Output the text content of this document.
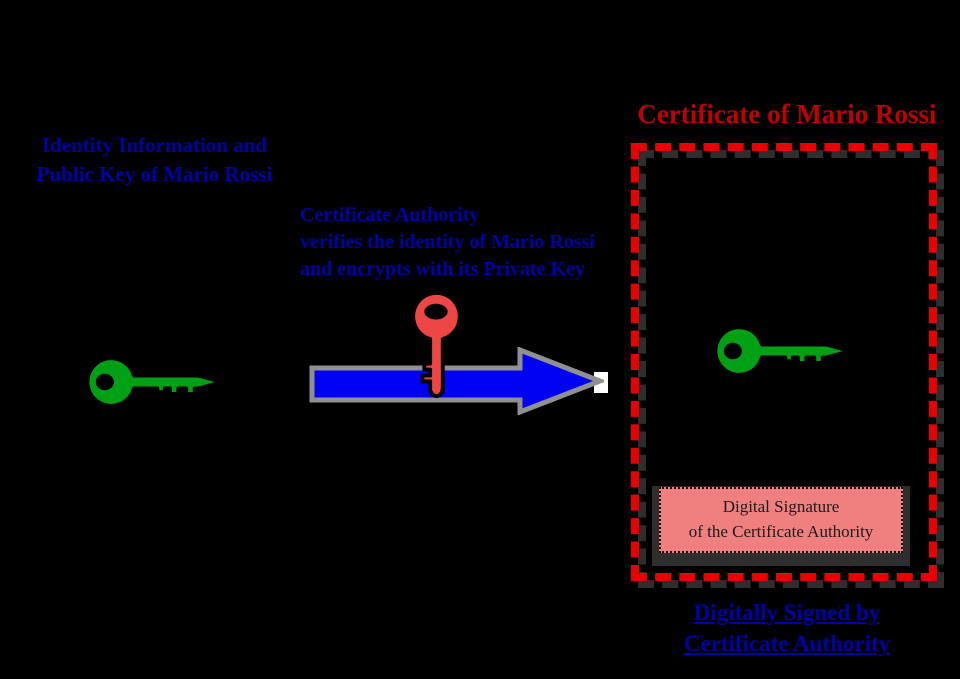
Identity Information and
Public Key of Mario Rossi
Certificate Authority
verifies the identity of Mario Rossi
and encrypts with its Private Key
Certificate of Mario Rossi
Digital Signature
of the Certificate Authority
Digitally Signed by
Certificate Authority
